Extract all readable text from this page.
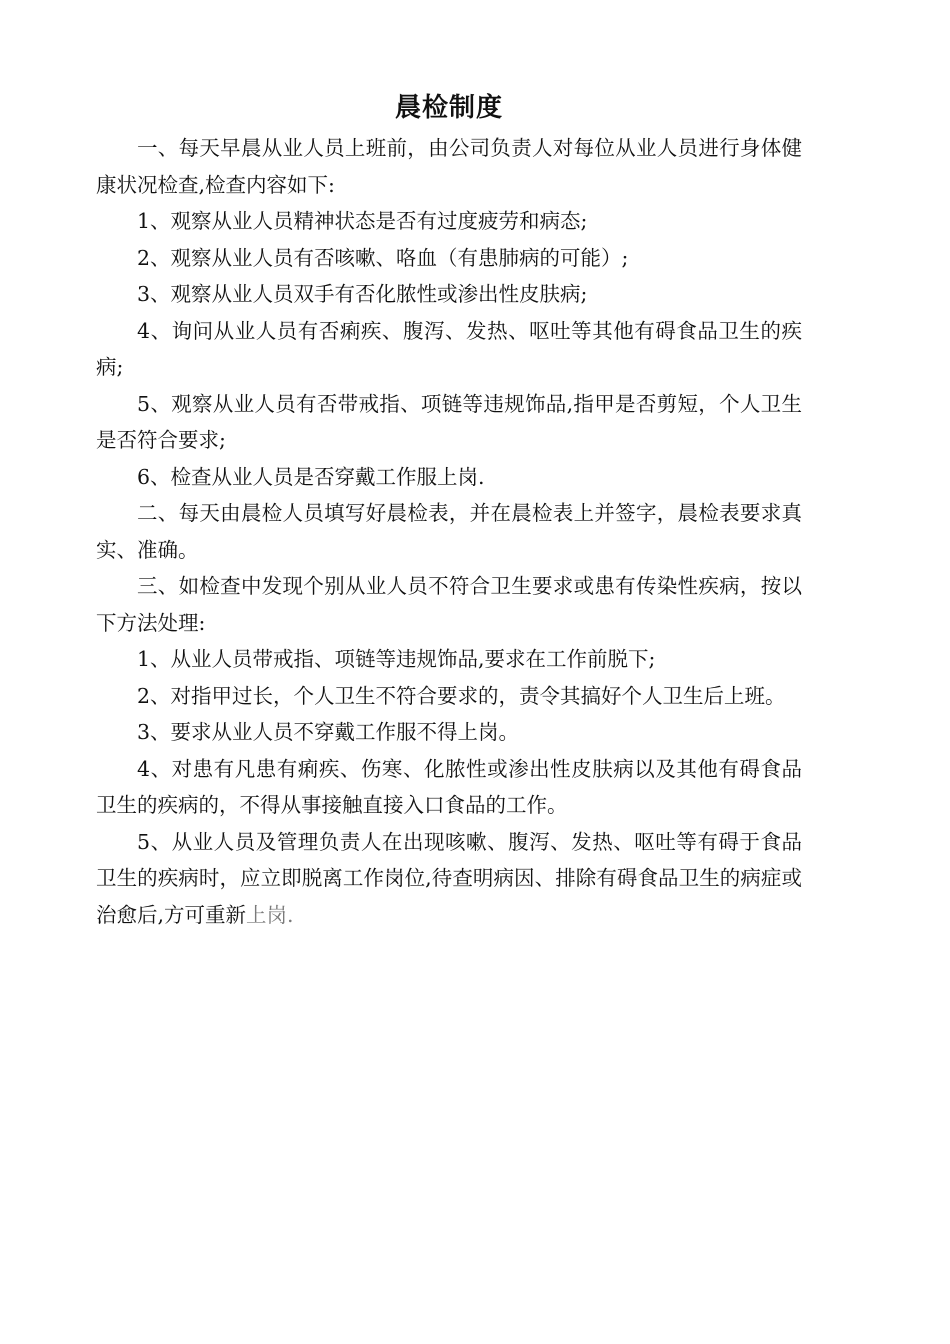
晨检制度

一、每天早晨从业人员上班前，由公司负责人对每位从业人员进行身体健康状况检查,检查内容如下:

1、观察从业人员精神状态是否有过度疲劳和病态;

2、观察从业人员有否咳嗽、咯血（有患肺病的可能）;

3、观察从业人员双手有否化脓性或渗出性皮肤病;

4、询问从业人员有否痢疾、腹泻、发热、呕吐等其他有碍食品卫生的疾病;

5、观察从业人员有否带戒指、项链等违规饰品,指甲是否剪短，个人卫生是否符合要求;

6、检查从业人员是否穿戴工作服上岗.

二、每天由晨检人员填写好晨检表，并在晨检表上并签字，晨检表要求真实、准确。

三、如检查中发现个别从业人员不符合卫生要求或患有传染性疾病，按以下方法处理:

1、从业人员带戒指、项链等违规饰品,要求在工作前脱下;

2、对指甲过长，个人卫生不符合要求的，责令其搞好个人卫生后上班。

3、要求从业人员不穿戴工作服不得上岗。

4、对患有凡患有痢疾、伤寒、化脓性或渗出性皮肤病以及其他有碍食品卫生的疾病的，不得从事接触直接入口食品的工作。

5、从业人员及管理负责人在出现咳嗽、腹泻、发热、呕吐等有碍于食品卫生的疾病时，应立即脱离工作岗位,待查明病因、排除有碍食品卫生的病症或治愈后,方可重新上岗.
